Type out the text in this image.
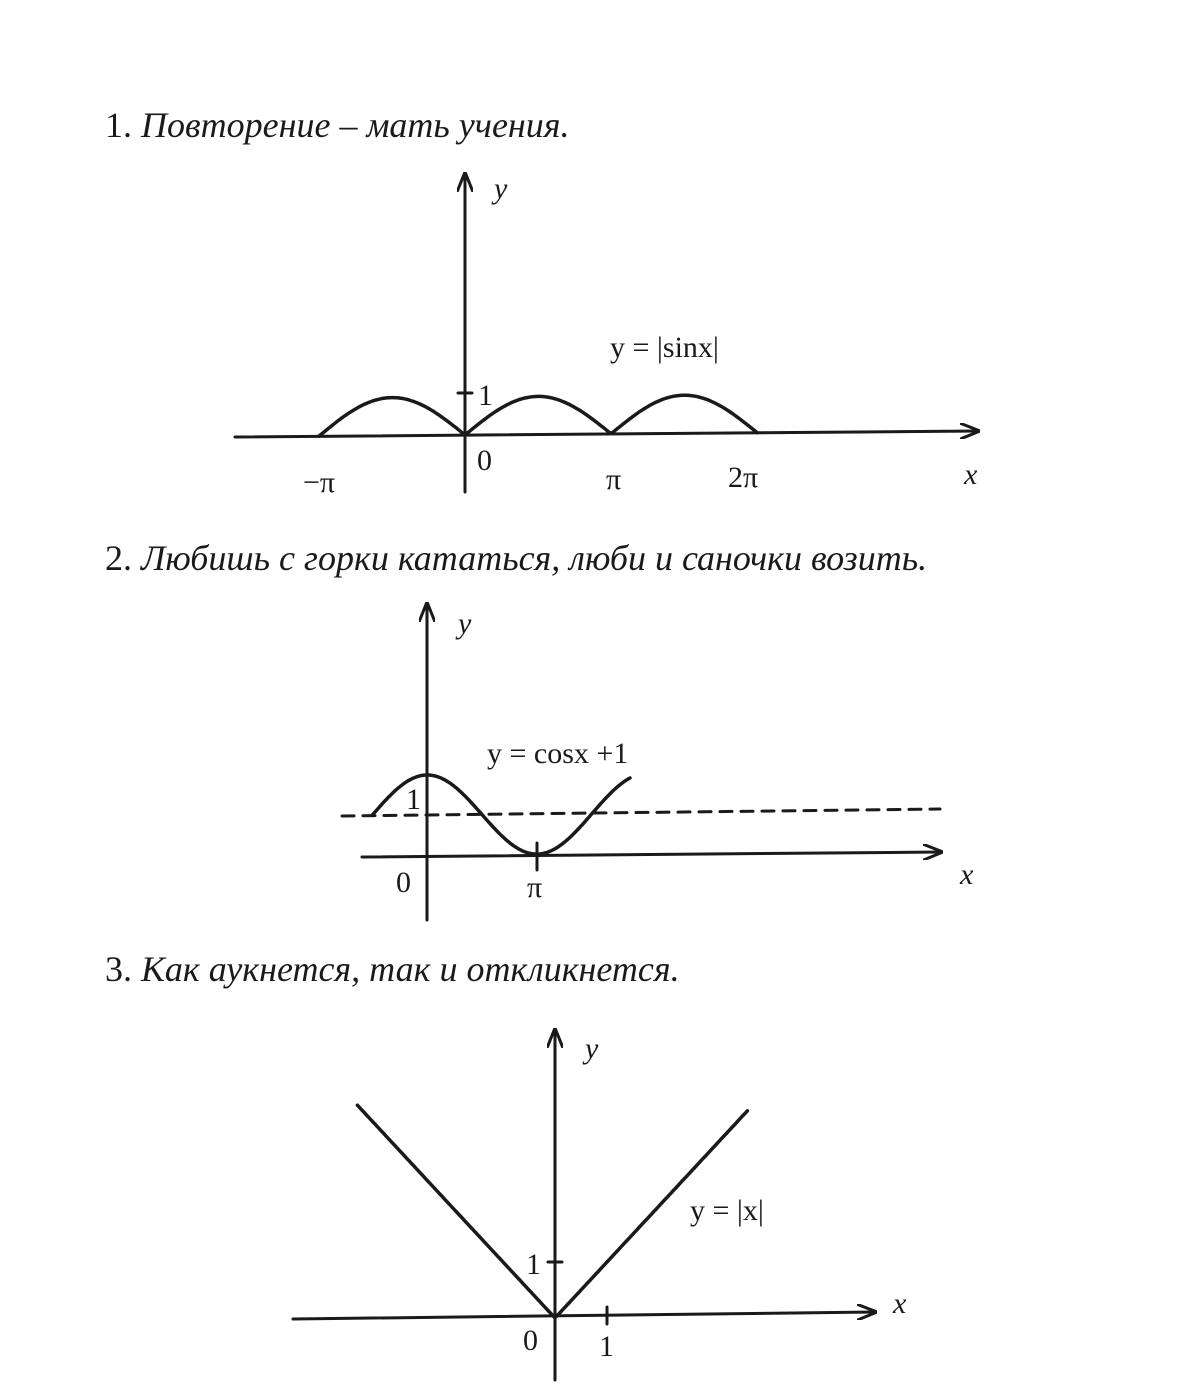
1. Повторение – мать учения.
2. Любишь с горки кататься, люби и саночки возить.
3. Как аукнется, так и откликнется.
y
y = |sinx|
1
0
−π	π	2π	x
y
y = cosx +1
1
0	π	x
y
y = |x|
1
0 1
x
